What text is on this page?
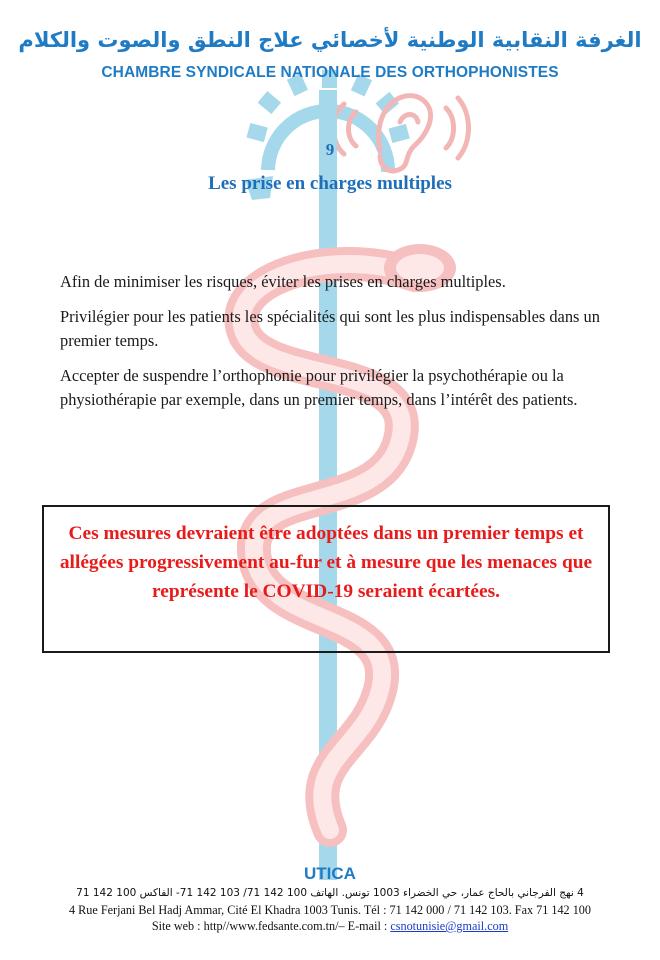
الغرفة النقابية الوطنية لأخصائي علاج النطق والصوت والكلام
CHAMBRE SYNDICALE NATIONALE DES ORTHOPHONISTES
9
Les prise en charges multiples

Afin de minimiser les risques, éviter les prises en charges multiples.

Privilégier pour les patients les spécialités qui sont les plus indispensables dans un premier temps.

Accepter de suspendre l’orthophonie pour privilégier la psychothérapie ou la physiothérapie par exemple, dans un premier temps, dans l’intérêt des patients.

Ces mesures devraient être adoptées dans un premier temps et allégées progressivement au-fur et à mesure que les menaces que représente le COVID-19 seraient écartées.
UTICA
4 نهج الفرجاني بالحاج عمار، حي الخضراء 1003 تونس. الهاتف 100 142 71/ 103 142 71- الفاكس 100 142 71
4 Rue Ferjani Bel Hadj Ammar, Cité El Khadra 1003 Tunis. Tél : 71 142 000 / 71 142 103. Fax 71 142 100
Site web : http//www.fedsante.com.tn/– E-mail : csnotunisie@gmail.com
